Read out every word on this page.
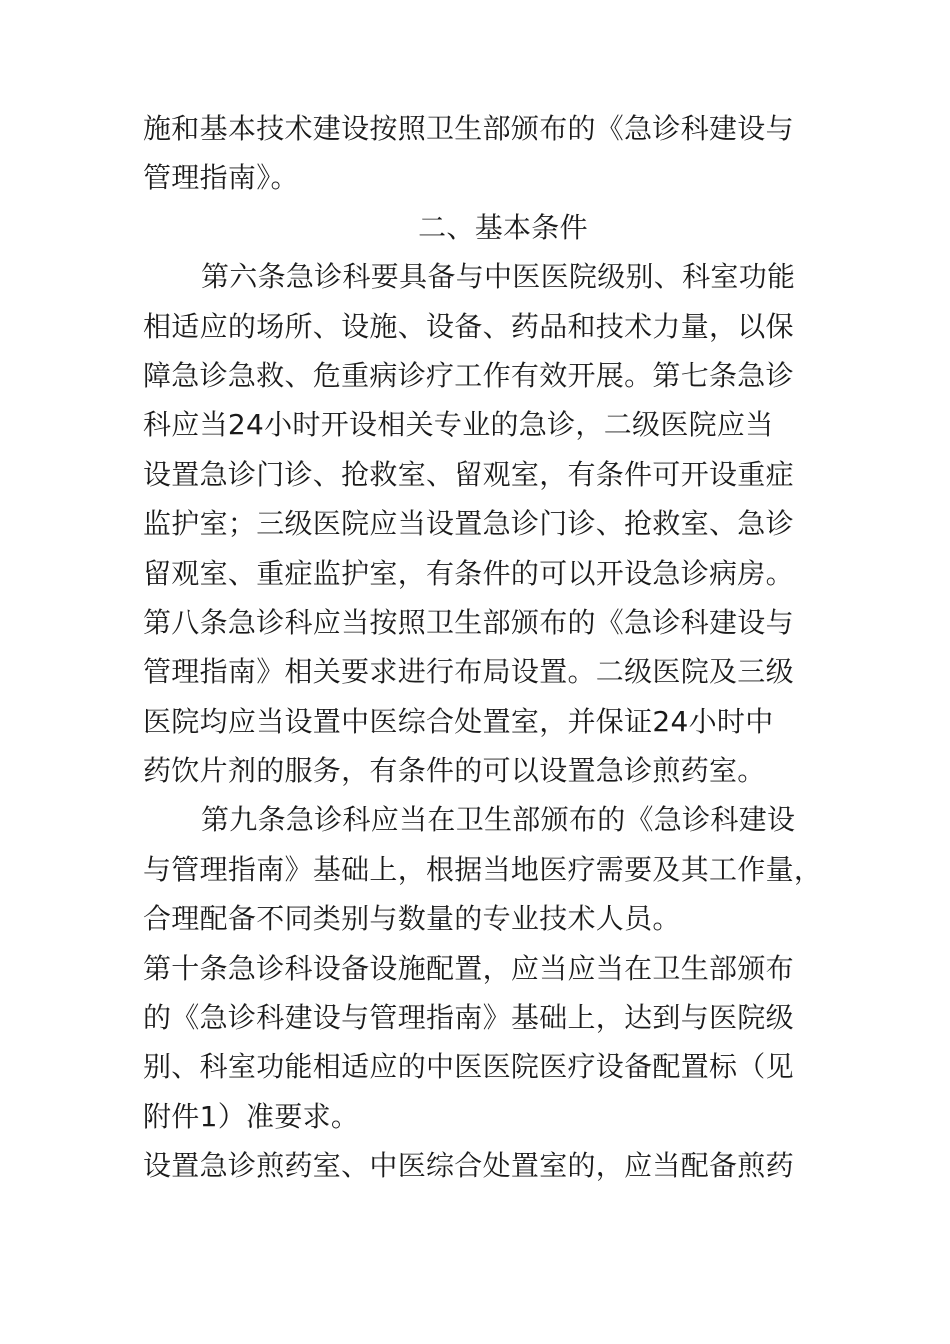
施和基本技术建设按照卫生部颁布的《急诊科建设与
管理指南》。
二、基本条件
第六条急诊科要具备与中医医院级别、科室功能
相适应的场所、设施、设备、药品和技术力量，以保
障急诊急救、危重病诊疗工作有效开展。第七条急诊
科应当24小时开设相关专业的急诊，二级医院应当
设置急诊门诊、抢救室、留观室，有条件可开设重症
监护室；三级医院应当设置急诊门诊、抢救室、急诊
留观室、重症监护室，有条件的可以开设急诊病房。
第八条急诊科应当按照卫生部颁布的《急诊科建设与
管理指南》相关要求进行布局设置。二级医院及三级
医院均应当设置中医综合处置室，并保证24小时中
药饮片剂的服务，有条件的可以设置急诊煎药室。
第九条急诊科应当在卫生部颁布的《急诊科建设
与管理指南》基础上，根据当地医疗需要及其工作量，
合理配备不同类别与数量的专业技术人员。
第十条急诊科设备设施配置，应当应当在卫生部颁布
的《急诊科建设与管理指南》基础上，达到与医院级
别、科室功能相适应的中医医院医疗设备配置标（见
附件1）准要求。
设置急诊煎药室、中医综合处置室的，应当配备煎药
